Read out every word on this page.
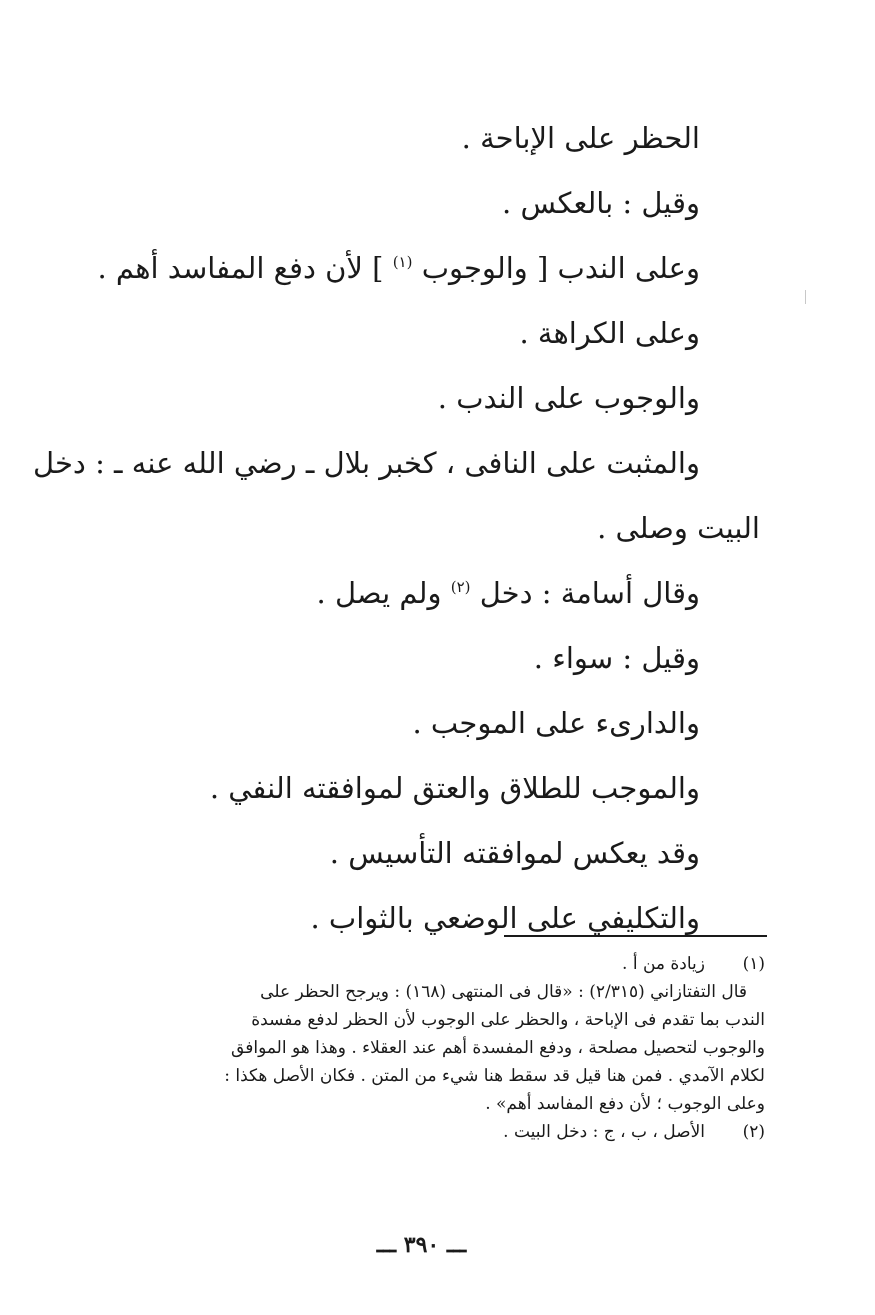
الحظر على الإباحة .
وقيل : بالعكس .
وعلى الندب [ والوجوب $^{(١)}$ ] لأن دفع المفاسد أهم .
وعلى الكراهة .
والوجوب على الندب .
والمثبت على النافى ، كخبر بلال ـ رضي الله عنه ـ : دخل
البيت وصلى .
وقال أسامة : دخل $^{(٢)}$ ولم يصل .
وقيل : سواء .
والدارىء على الموجب .
والموجب للطلاق والعتق لموافقته النفي .
وقد يعكس لموافقته التأسيس .
والتكليفي على الوضعي بالثواب .
(١)

زيادة من أ .

قال التفتازاني (٢/٣١٥) : «قال فى المنتهى (١٦٨) : ويرجح الحظر على

الندب بما تقدم فى الإباحة ، والحظر على الوجوب لأن الحظر لدفع مفسدة

والوجوب لتحصيل مصلحة ، ودفع المفسدة أهم عند العقلاء . وهذا هو الموافق

لكلام الآمدي . فمن هنا قيل قد سقط هنا شيء من المتن . فكان الأصل هكذا :

وعلى الوجوب ؛ لأن دفع المفاسد أهم» .

(٢)

الأصل ، ب ، ج : دخل البيت .

ـــ ٣٩٠ ـــ
